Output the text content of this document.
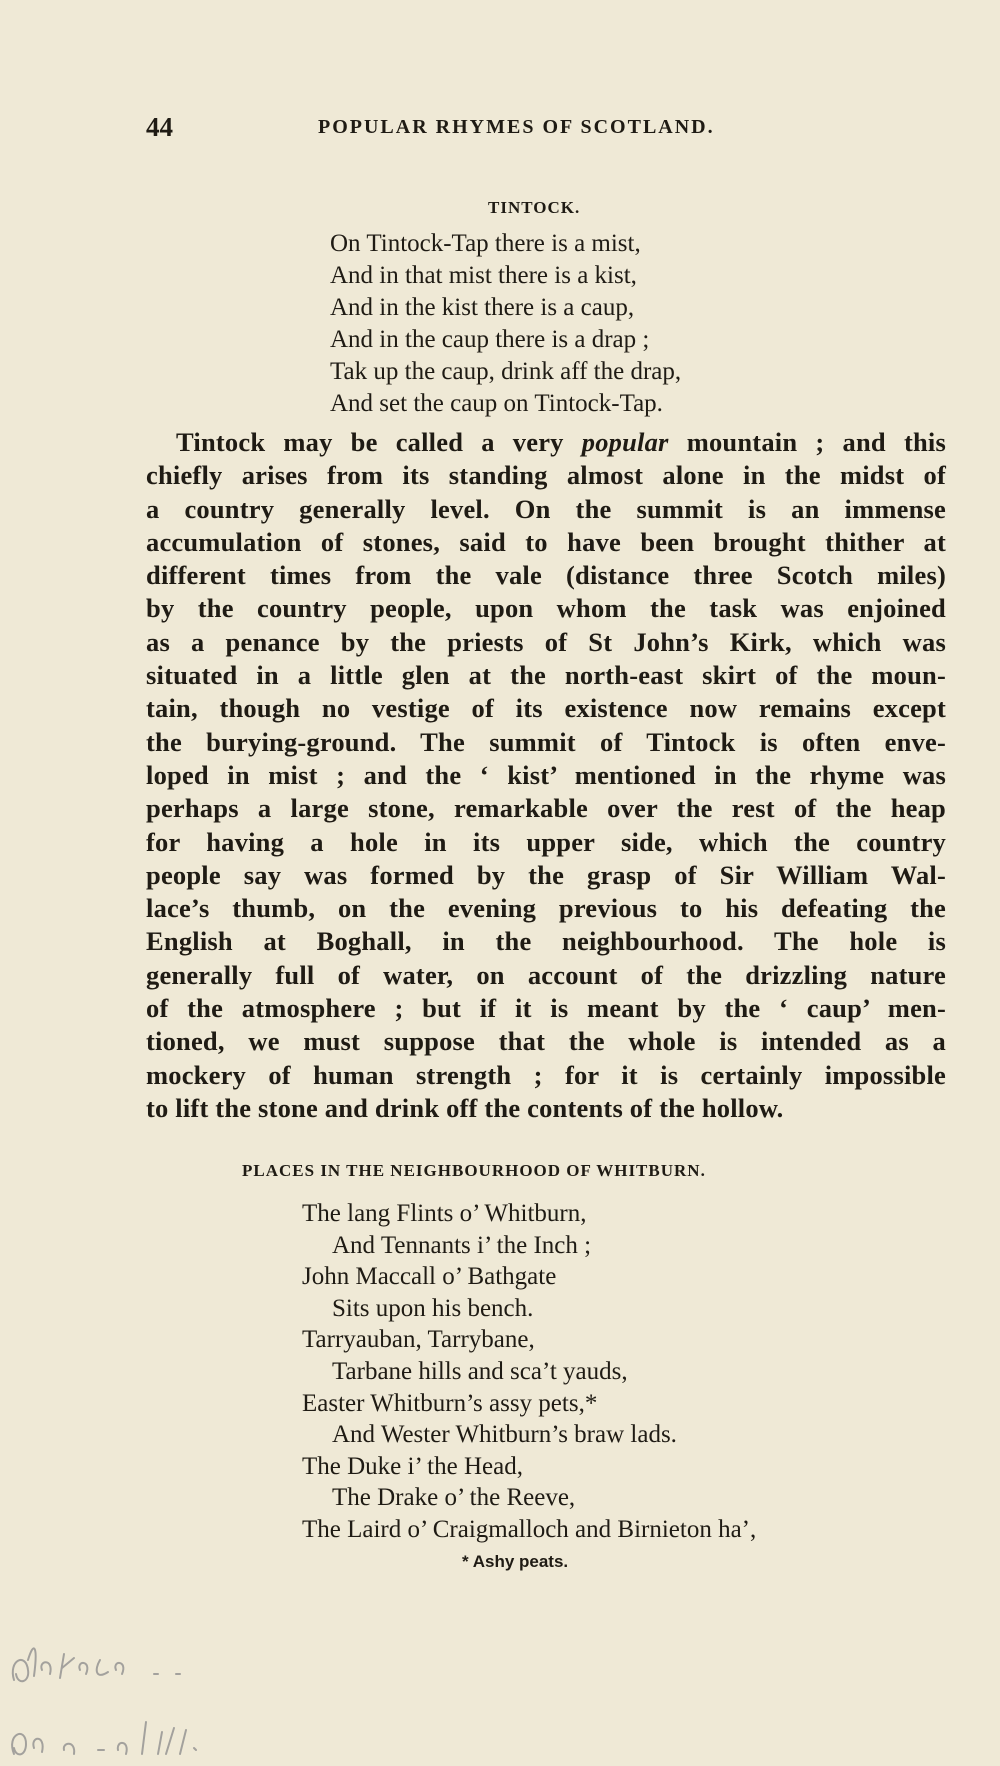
44	POPULAR RHYMES OF SCOTLAND.
TINTOCK.
On Tintock-Tap there is a mist,
And in that mist there is a kist,
And in the kist there is a caup,
And in the caup there is a drap ;
Tak up the caup, drink aff the drap,
And set the caup on Tintock-Tap.
Tintock may be called a very popular mountain ; and this
chiefly arises from its standing almost alone in the midst of
a country generally level. On the summit is an immense
accumulation of stones, said to have been brought thither at
different times from the vale (distance three Scotch miles)
by the country people, upon whom the task was enjoined
as a penance by the priests of St John’s Kirk, which was
situated in a little glen at the north-east skirt of the moun-
tain, though no vestige of its existence now remains except
the burying-ground. The summit of Tintock is often enve-
loped in mist ; and the ‘ kist’ mentioned in the rhyme was
perhaps a large stone, remarkable over the rest of the heap
for having a hole in its upper side, which the country
people say was formed by the grasp of Sir William Wal-
lace’s thumb, on the evening previous to his defeating the
English at Boghall, in the neighbourhood. The hole is
generally full of water, on account of the drizzling nature
of the atmosphere ; but if it is meant by the ‘ caup’ men-
tioned, we must suppose that the whole is intended as a
mockery of human strength ; for it is certainly impossible
to lift the stone and drink off the contents of the hollow.
PLACES IN THE NEIGHBOURHOOD OF WHITBURN.
The lang Flints o’ Whitburn,
And Tennants i’ the Inch ;
John Maccall o’ Bathgate
Sits upon his bench.
Tarryauban, Tarrybane,
Tarbane hills and sca’t yauds,
Easter Whitburn’s assy pets,*
And Wester Whitburn’s braw lads.
The Duke i’ the Head,
The Drake o’ the Reeve,
The Laird o’ Craigmalloch and Birnieton ha’,
* Ashy peats.
